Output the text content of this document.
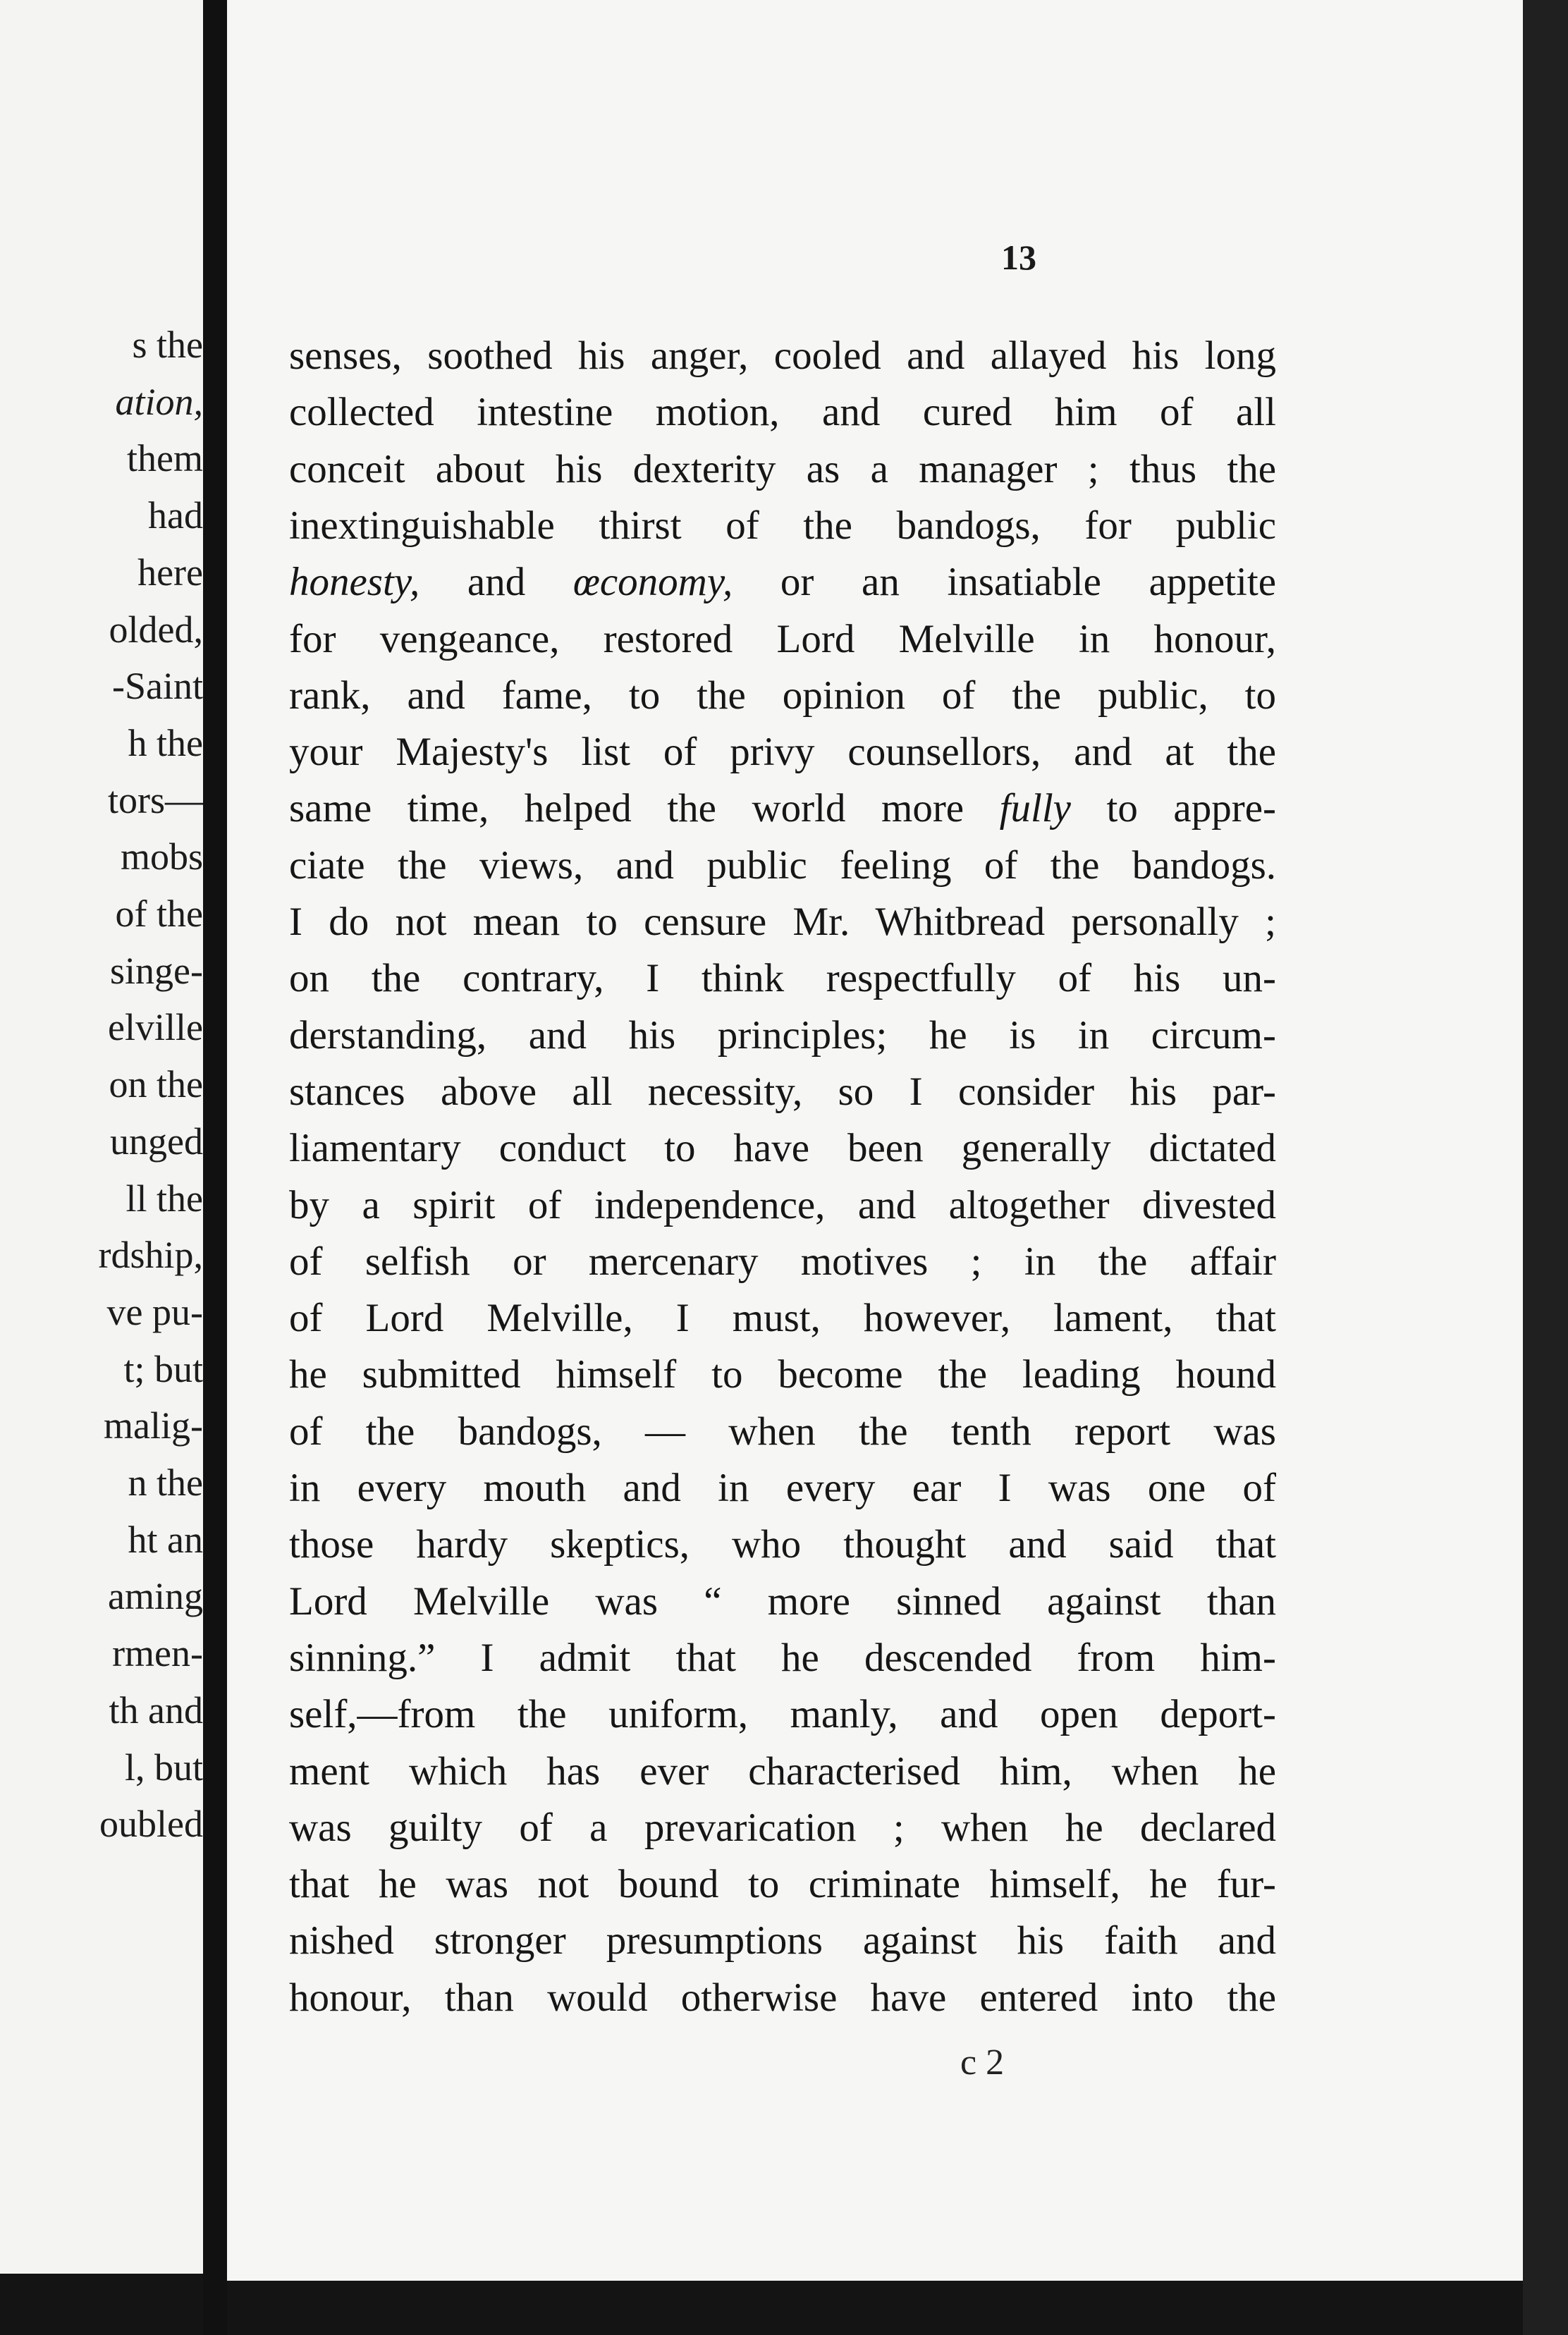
s the
ation,
them
had
here
olded,
-Saint
h the
tors—
mobs
of the
singe-
elville
on the
unged
ll the
rdship,
ve pu-
t; but
malig-
n the
ht an
aming
rmen-
th and
l, but
oubled
13
c 2
senses, soothed his anger, cooled and allayed his long
collected intestine motion, and cured him of all
conceit about his dexterity as a manager ; thus the
inextinguishable thirst of the bandogs, for public
honesty, and œconomy, or an insatiable appetite
for vengeance, restored Lord Melville in honour,
rank, and fame, to the opinion of the public, to
your Majesty's list of privy counsellors, and at the
same time, helped the world more fully to appre-
ciate the views, and public feeling of the bandogs.
I do not mean to censure Mr. Whitbread personally ;
on the contrary, I think respectfully of his un-
derstanding, and his principles; he is in circum-
stances above all necessity, so I consider his par-
liamentary conduct to have been generally dictated
by a spirit of independence, and altogether divested
of selfish or mercenary motives ; in the affair
of Lord Melville, I must, however, lament, that
he submitted himself to become the leading hound
of the bandogs, — when the tenth report was
in every mouth and in every ear I was one of
those hardy skeptics, who thought and said that
Lord Melville was “ more sinned against than
sinning.” I admit that he descended from him-
self,—from the uniform, manly, and open deport-
ment which has ever characterised him, when he
was guilty of a prevarication ; when he declared
that he was not bound to criminate himself, he fur-
nished stronger presumptions against his faith and
honour, than would otherwise have entered into the
